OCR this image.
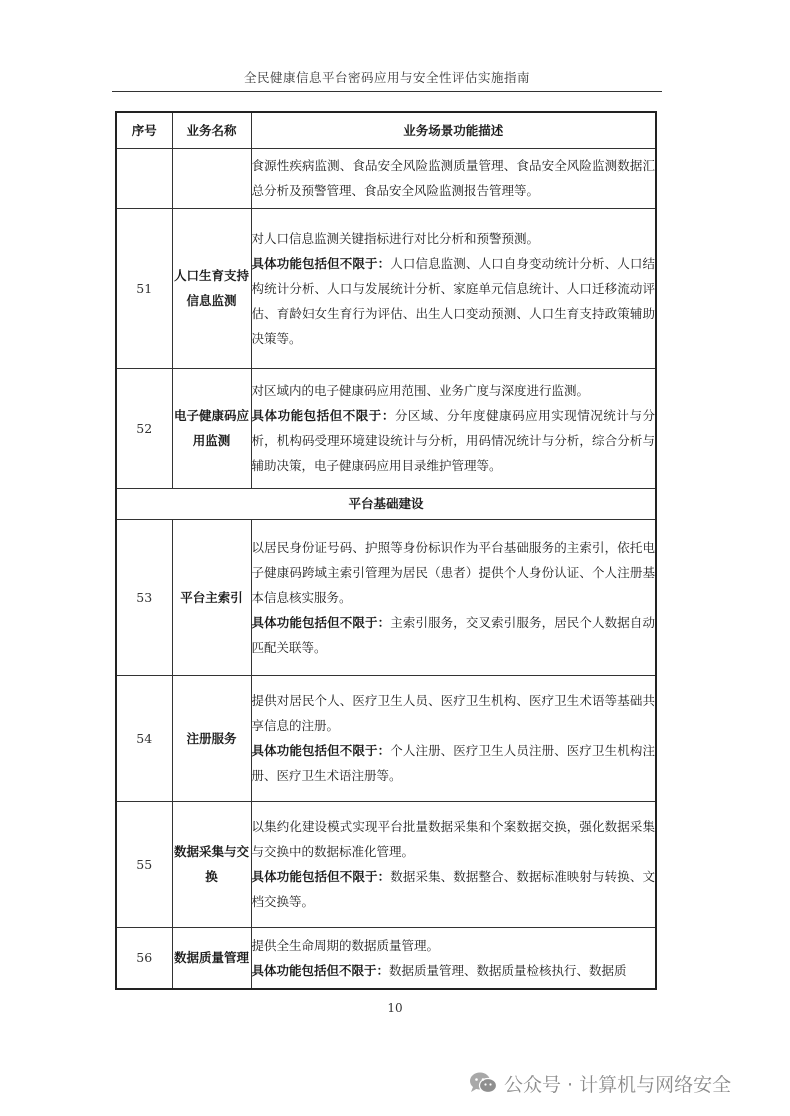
全民健康信息平台密码应用与安全性评估实施指南
序号	业务名称	业务场景功能描述

		食源性疾病监测、食品安全风险监测质量管理、食品安全风险监测数据汇总分析及预警管理、食品安全风险监测报告管理等。

51	人口生育支持信息监测	对人口信息监测关键指标进行对比分析和预警预测。

具体功能包括但不限于：人口信息监测、人口自身变动统计分析、人口结构统计分析、人口与发展统计分析、家庭单元信息统计、人口迁移流动评估、育龄妇女生育行为评估、出生人口变动预测、人口生育支持政策辅助决策等。

52	电子健康码应用监测	对区域内的电子健康码应用范围、业务广度与深度进行监测。

具体功能包括但不限于：分区域、分年度健康码应用实现情况统计与分析，机构码受理环境建设统计与分析，用码情况统计与分析，综合分析与辅助决策，电子健康码应用目录维护管理等。

平台基础建设		
53	平台主索引	以居民身份证号码、护照等身份标识作为平台基础服务的主索引，依托电子健康码跨域主索引管理为居民（患者）提供个人身份认证、个人注册基本信息核实服务。

具体功能包括但不限于：主索引服务，交叉索引服务，居民个人数据自动匹配关联等。

54	注册服务	提供对居民个人、医疗卫生人员、医疗卫生机构、医疗卫生术语等基础共享信息的注册。

具体功能包括但不限于：个人注册、医疗卫生人员注册、医疗卫生机构注册、医疗卫生术语注册等。

55	数据采集与交换	以集约化建设模式实现平台批量数据采集和个案数据交换，强化数据采集与交换中的数据标准化管理。

具体功能包括但不限于：数据采集、数据整合、数据标准映射与转换、文档交换等。

56	数据质量管理	提供全生命周期的数据质量管理。

具体功能包括但不限于：数据质量管理、数据质量检核执行、数据质

10
公众号 · 计算机与网络安全
